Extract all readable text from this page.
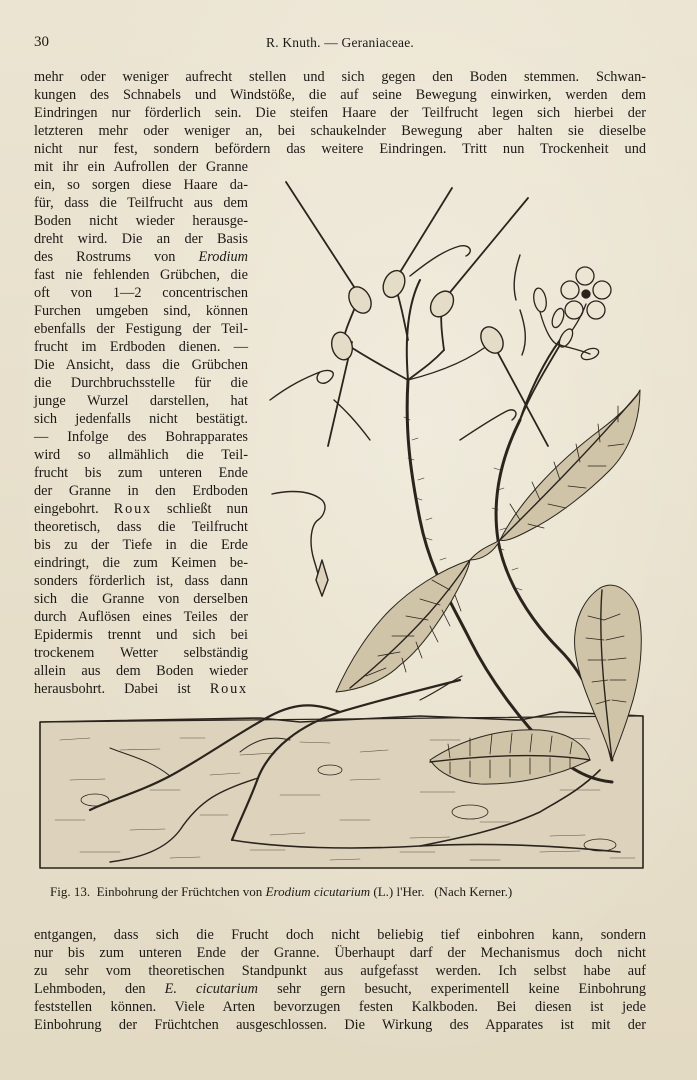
30	R. Knuth. — Geraniaceae.
mehr oder weniger aufrecht stellen und sich gegen den Boden stemmen. Schwan-
kungen des Schnabels und Windstöße, die auf seine Bewegung einwirken, werden dem
Eindringen nur förderlich sein. Die steifen Haare der Teilfrucht legen sich hierbei der
letzteren mehr oder weniger an, bei schaukelnder Bewegung aber halten sie dieselbe
nicht nur fest, sondern befördern das weitere Eindringen. Tritt nun Trockenheit und
mit ihr ein Aufrollen der Granne
ein, so sorgen diese Haare da-
für, dass die Teilfrucht aus dem
Boden nicht wieder herausge-
dreht wird. Die an der Basis
des Rostrums von Erodium
fast nie fehlenden Grübchen, die
oft von 1—2 concentrischen
Furchen umgeben sind, können
ebenfalls der Festigung der Teil-
frucht im Erdboden dienen. —
Die Ansicht, dass die Grübchen
die Durchbruchsstelle für die
junge Wurzel darstellen, hat
sich jedenfalls nicht bestätigt.
— Infolge des Bohrapparates
wird so allmählich die Teil-
frucht bis zum unteren Ende
der Granne in den Erdboden
eingebohrt. Roux schließt nun
theoretisch, dass die Teilfrucht
bis zu der Tiefe in die Erde
eindringt, die zum Keimen be-
sonders förderlich ist, dass dann
sich die Granne von derselben
durch Auflösen eines Teiles der
Epidermis trennt und sich bei
trockenem Wetter selbständig
allein aus dem Boden wieder
herausbohrt. Dabei ist Roux
Fig. 13.  Einbohrung der Früchtchen von Erodium cicutarium (L.) l'Her.   (Nach Kerner.)
entgangen, dass sich die Frucht doch nicht beliebig tief einbohren kann, sondern
nur bis zum unteren Ende der Granne. Überhaupt darf der Mechanismus doch nicht
zu sehr vom theoretischen Standpunkt aus aufgefasst werden. Ich selbst habe auf
Lehmboden, den E. cicutarium sehr gern besucht, experimentell keine Einbohrung
feststellen können. Viele Arten bevorzugen festen Kalkboden. Bei diesen ist jede
Einbohrung der Früchtchen ausgeschlossen. Die Wirkung des Apparates ist mit der
